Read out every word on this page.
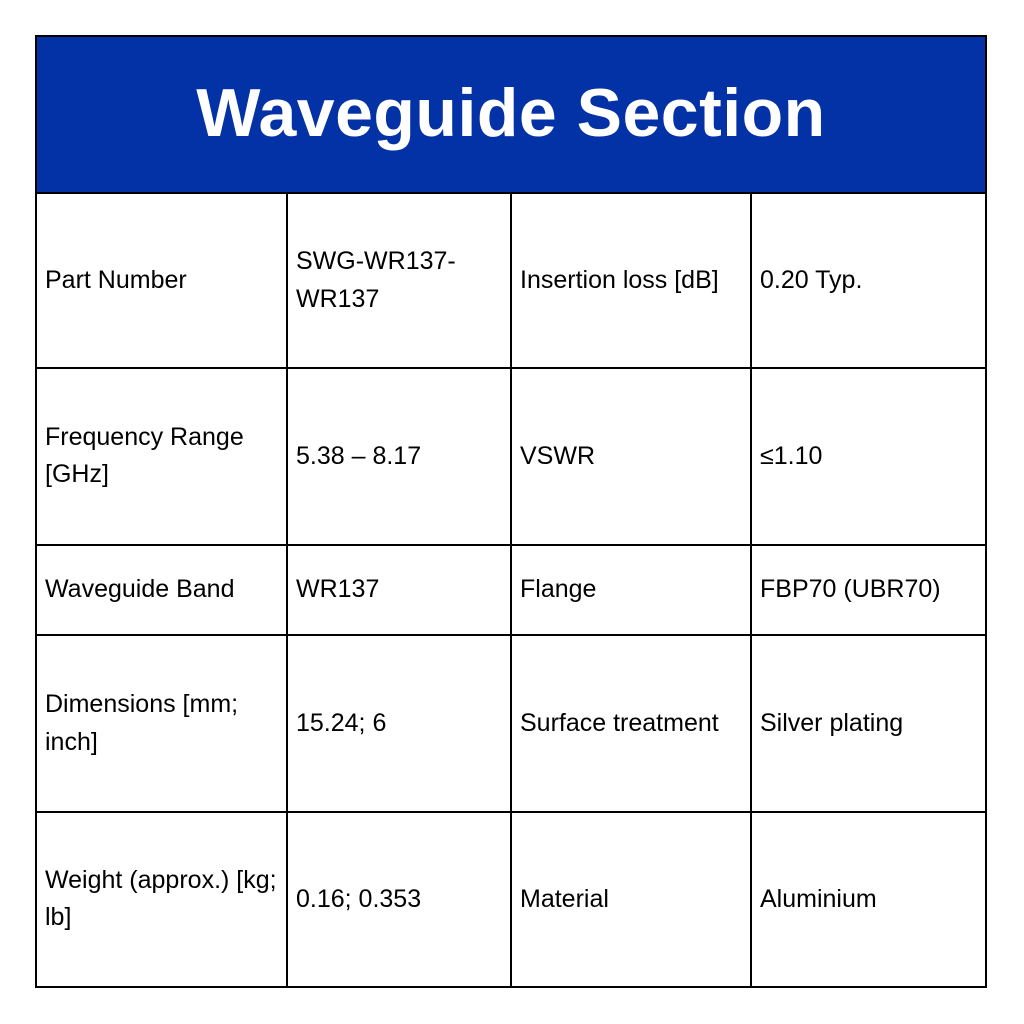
Waveguide Section
Part Number	SWG-WR137-WR137	Insertion loss [dB]	0.20 Typ.
Frequency Range [GHz]	5.38 – 8.17	VSWR	≤1.10
Waveguide Band	WR137	Flange	FBP70 (UBR70)
Dimensions [mm; inch]	15.24; 6	Surface treatment	Silver plating
Weight (approx.) [kg; lb]	0.16; 0.353	Material	Aluminium
